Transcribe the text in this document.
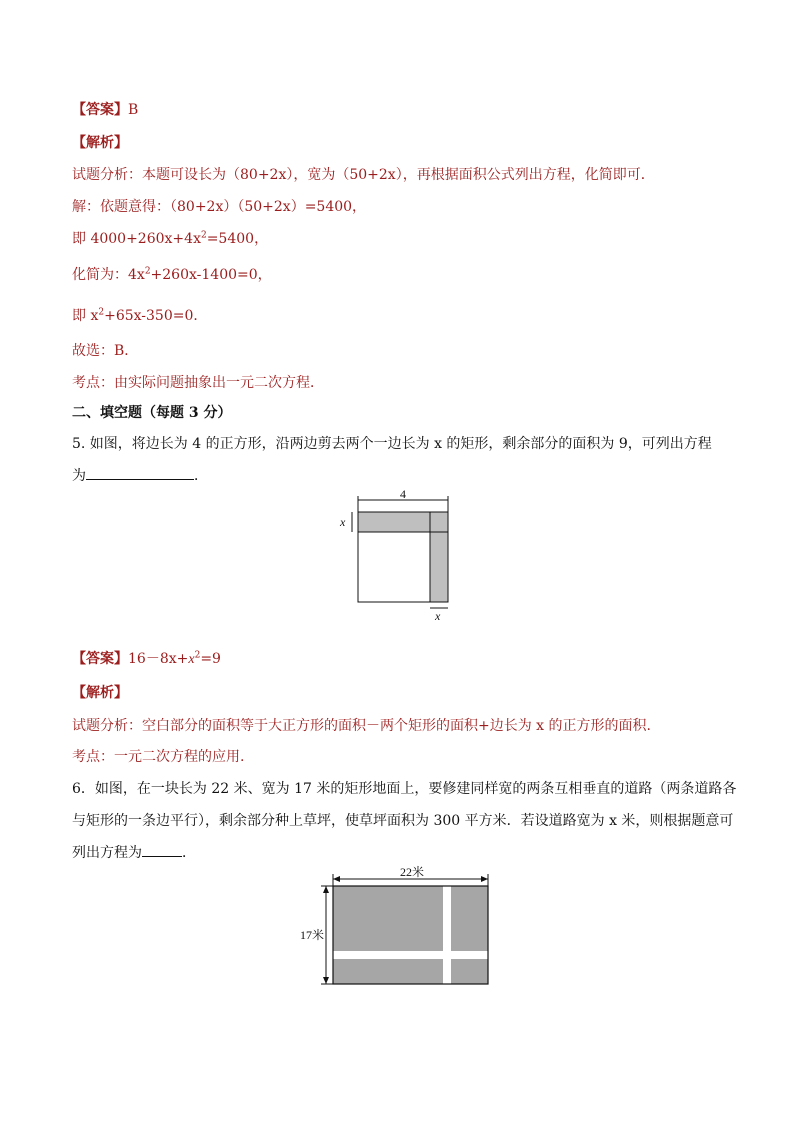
【答案】B
【解析】
试题分析：本题可设长为（80+2x），宽为（50+2x），再根据面积公式列出方程，化简即可．
解：依题意得：（80+2x）（50+2x）=5400，
即 $4000+260x+4x^2=5400$，
化简为：$4x^2+260x-1400=0$，
即 $x^2+65x-350=0$．
故选：B．
考点：由实际问题抽象出一元二次方程．
二、填空题（每题 3 分）
5. 如图，将边长为 4 的正方形，沿两边剪去两个一边长为 x 的矩形，剩余部分的面积为 9，可列出方程
为	．
4
x
x
【答案】$16-8x+x^2=9$
【解析】
试题分析：空白部分的面积等于大正方形的面积－两个矩形的面积+边长为 x 的正方形的面积.
考点：一元二次方程的应用.
6．如图，在一块长为 22 米、宽为 17 米的矩形地面上，要修建同样宽的两条互相垂直的道路（两条道路各
与矩形的一条边平行），剩余部分种上草坪，使草坪面积为 300 平方米．若设道路宽为 x 米，则根据题意可
列出方程为	．
22米
17米
